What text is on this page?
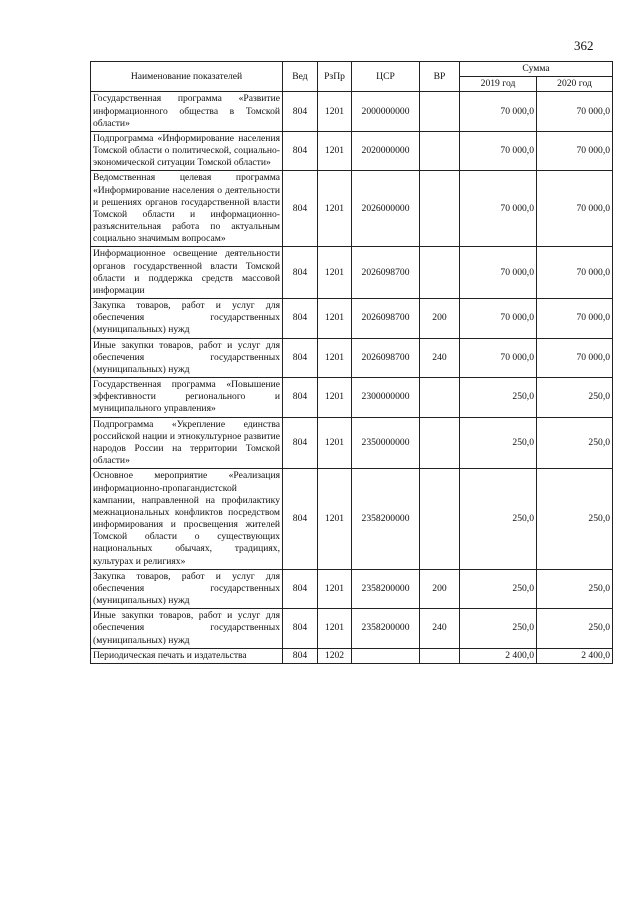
362
Наименование показателей	Вед	РзПр	ЦСР	ВР	Сумма	
					2019 год	2020 год
Государственная программа «Развитие информационного общества в Томской области»	804	1201	2000000000		70 000,0	70 000,0
Подпрограмма «Информирование населения Томской области о политической, социально-экономической ситуации Томской области»	804	1201	2020000000		70 000,0	70 000,0
Ведомственная целевая программа «Информирование населения о деятельности и решениях органов государственной власти Томской области и информационно-разъяснительная работа по актуальным социально значимым вопросам»	804	1201	2026000000		70 000,0	70 000,0
Информационное освещение деятельности органов государственной власти Томской области и поддержка средств массовой информации	804	1201	2026098700		70 000,0	70 000,0
Закупка товаров, работ и услуг для обеспечения государственных (муниципальных) нужд	804	1201	2026098700	200	70 000,0	70 000,0
Иные закупки товаров, работ и услуг для обеспечения государственных (муниципальных) нужд	804	1201	2026098700	240	70 000,0	70 000,0
Государственная программа «Повышение эффективности регионального и муниципального управления»	804	1201	2300000000		250,0	250,0
Подпрограмма «Укрепление единства российской нации и этнокультурное развитие народов России на территории Томской области»	804	1201	2350000000		250,0	250,0
Основное мероприятие «Реализация информационно-пропагандистской кампании, направленной на профилактику межнациональных конфликтов посредством информирования и просвещения жителей Томской области о существующих национальных обычаях, традициях, культурах и религиях»	804	1201	2358200000		250,0	250,0
Закупка товаров, работ и услуг для обеспечения государственных (муниципальных) нужд	804	1201	2358200000	200	250,0	250,0
Иные закупки товаров, работ и услуг для обеспечения государственных (муниципальных) нужд	804	1201	2358200000	240	250,0	250,0
Периодическая печать и издательства	804	1202			2 400,0	2 400,0
